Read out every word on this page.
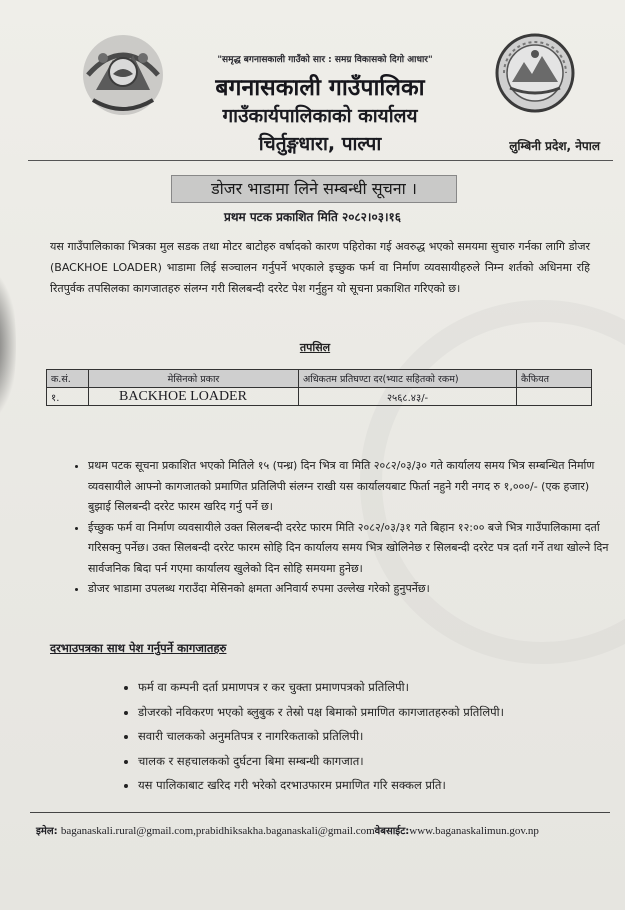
"समृद्ध बगनासकाली गाउँको सार : समग्र विकासको दिगो आधार"
बगनासकाली गाउँपालिका
गाउँकार्यपालिकाको कार्यालय
चिर्तुङ्गधारा, पाल्पा	लुम्बिनी प्रदेश, नेपाल
डोजर भाडामा लिने सम्बन्धी सूचना ।
प्रथम पटक प्रकाशित मिति २०८२।०३।१६

यस गाउँपालिकाका भित्रका मुल सडक तथा मोटर बाटोहरु वर्षादको कारण पहिरोका गई अवरुद्ध भएको समयमा सुचारु गर्नका लागि डोजर (BACKHOE LOADER) भाडामा लिई सञ्चालन गर्नुपर्ने भएकाले इच्छुक फर्म वा निर्माण व्यवसायीहरुले निम्न शर्तको अधिनमा रहि रितपुर्वक तपसिलका कागजातहरु संलग्न गरी सिलबन्दी दररेट पेश गर्नुहुन यो सूचना प्रकाशित गरिएको छ।

तपसिल
क.सं.	मेसिनको प्रकार	अधिकतम प्रतिघण्टा दर(भ्याट सहितको रकम)	कैफियत
१.	BACKHOE LOADER	२५६८.४३/-	
• प्रथम पटक सूचना प्रकाशित भएको मितिले १५ (पन्ध्र) दिन भित्र वा मिति २०८२/०३/३० गते कार्यालय समय भित्र सम्बन्धित निर्माण व्यवसायीले आफ्नो कागजातको प्रमाणित प्रतिलिपी संलग्न राखी यस कार्यालयबाट फिर्ता नहुने गरी नगद रु १,०००/- (एक हजार) बुझाई सिलबन्दी दररेट फारम खरिद गर्नु पर्ने छ।
• ईच्छुक फर्म वा निर्माण व्यवसायीले उक्त सिलबन्दी दररेट फारम मिति २०८२/०३/३१ गते बिहान १२:०० बजे भित्र गाउँपालिकामा दर्ता गरिसक्नु पर्नेछ। उक्त सिलबन्दी दररेट फारम सोहि दिन कार्यालय समय भित्र खोलिनेछ र सिलबन्दी दररेट पत्र दर्ता गर्ने तथा खोल्ने दिन सार्वजनिक बिदा पर्न गएमा कार्यालय खुलेको दिन सोहि समयमा हुनेछ।
• डोजर भाडामा उपलब्ध गराउँदा मेसिनको क्षमता अनिवार्य रुपमा उल्लेख गरेको हुनुपर्नेछ।
दरभाउपत्रका साथ पेश गर्नुपर्ने कागजातहरु
• फर्म वा कम्पनी दर्ता प्रमाणपत्र र कर चुक्ता प्रमाणपत्रको प्रतिलिपी।
• डोजरको नविकरण भएको ब्लुबुक र तेस्रो पक्ष बिमाको प्रमाणित कागजातहरुको प्रतिलिपी।
• सवारी चालकको अनुमतिपत्र र नागरिकताको प्रतिलिपी।
• चालक र सहचालकको दुर्घटना बिमा सम्बन्धी कागजात।
• यस पालिकाबाट खरिद गरी भरेको दरभाउफारम प्रमाणित गरि सक्कल प्रति।
इमेल: baganaskali.rural@gmail.com,prabidhiksakha.baganaskali@gmail.comवेबसाईट:www.baganaskalimun.gov.np
